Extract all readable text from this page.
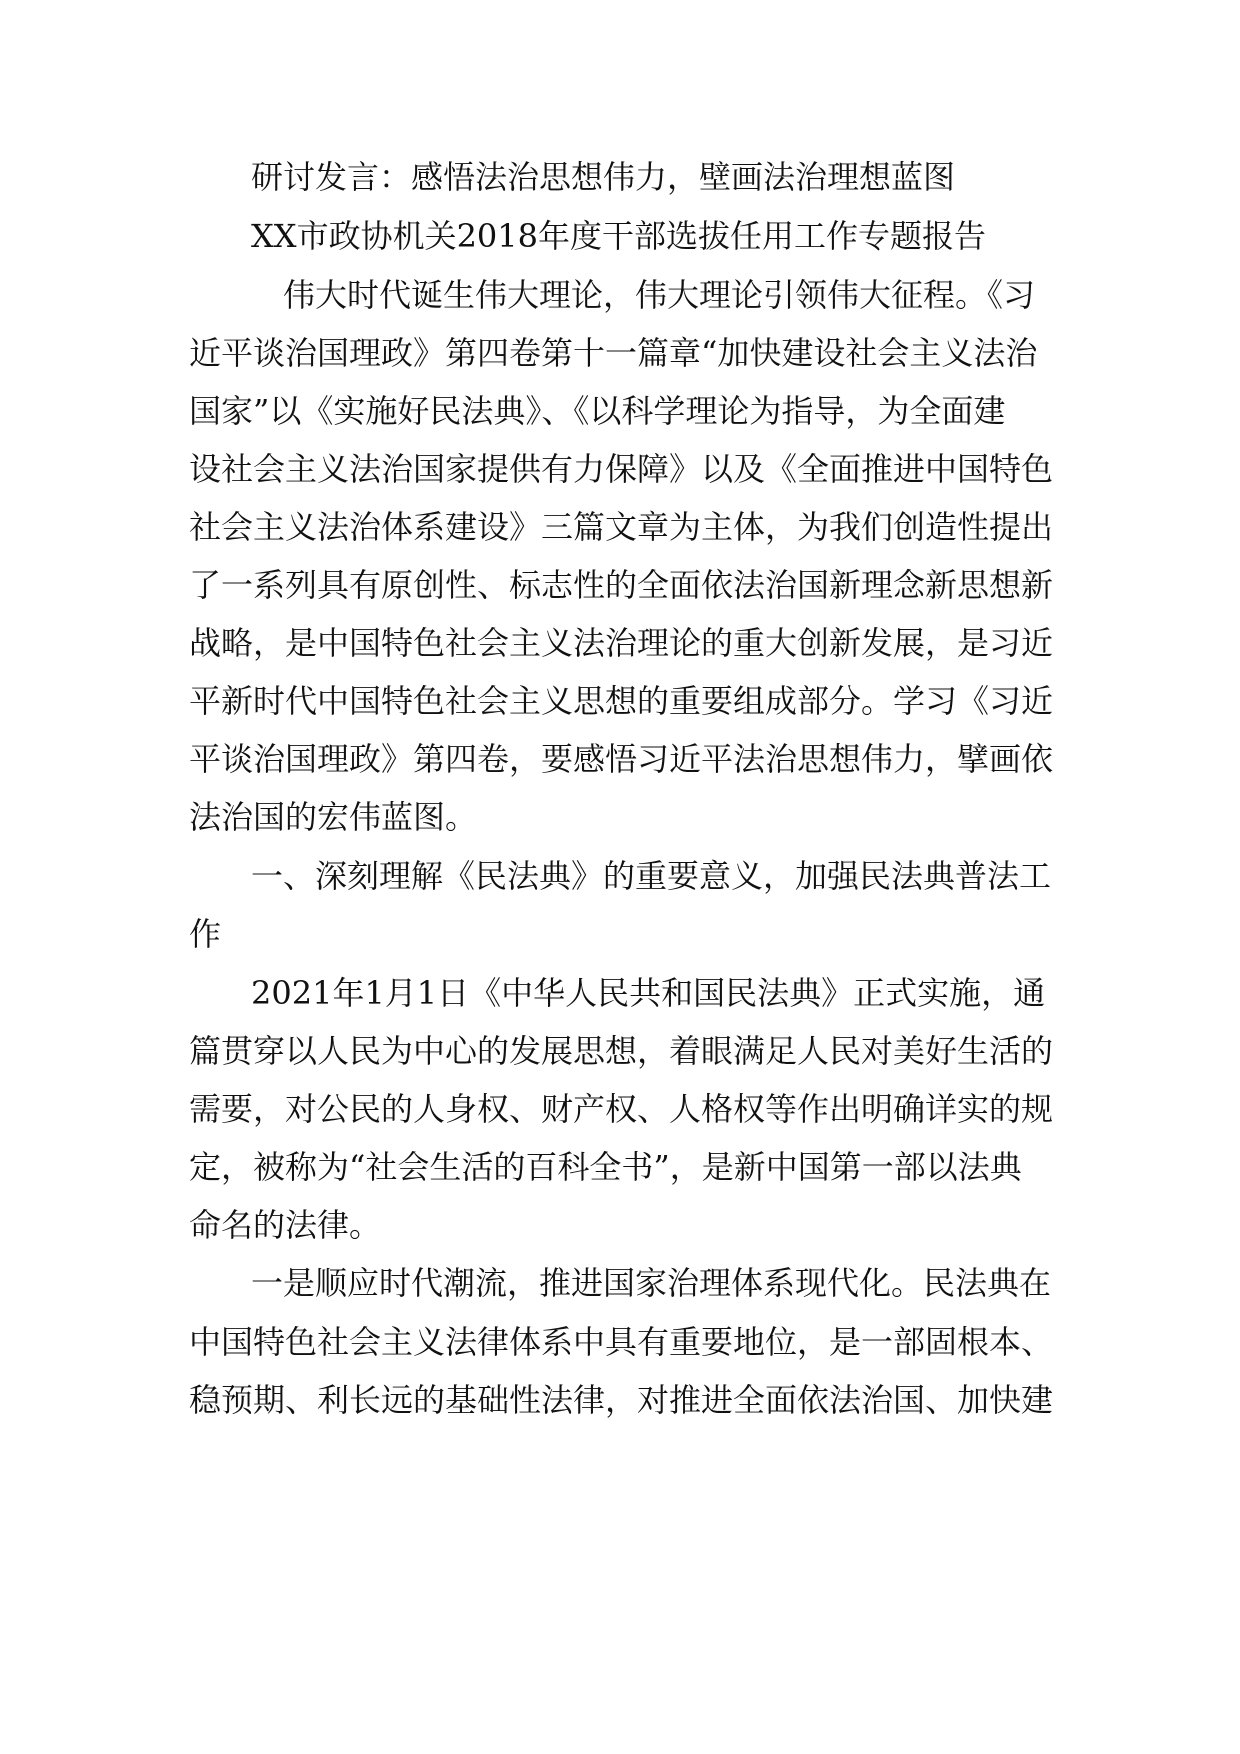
研讨发言：感悟法治思想伟力，壁画法治理想蓝图
XX市政协机关2018年度干部选拔任用工作专题报告
伟大时代诞生伟大理论，伟大理论引领伟大征程。《习
近平谈治国理政》第四卷第十一篇章“加快建设社会主义法治
国家”以《实施好民法典》、《以科学理论为指导，为全面建
设社会主义法治国家提供有力保障》以及《全面推进中国特色
社会主义法治体系建设》三篇文章为主体，为我们创造性提出
了一系列具有原创性、标志性的全面依法治国新理念新思想新
战略，是中国特色社会主义法治理论的重大创新发展，是习近
平新时代中国特色社会主义思想的重要组成部分。学习《习近
平谈治国理政》第四卷，要感悟习近平法治思想伟力，擘画依
法治国的宏伟蓝图。
一、深刻理解《民法典》的重要意义，加强民法典普法工
作
2021年1月1日《中华人民共和国民法典》正式实施，通
篇贯穿以人民为中心的发展思想，着眼满足人民对美好生活的
需要，对公民的人身权、财产权、人格权等作出明确详实的规
定，被称为“社会生活的百科全书”，是新中国第一部以法典
命名的法律。
一是顺应时代潮流，推进国家治理体系现代化。民法典在
中国特色社会主义法律体系中具有重要地位，是一部固根本、
稳预期、利长远的基础性法律，对推进全面依法治国、加快建
